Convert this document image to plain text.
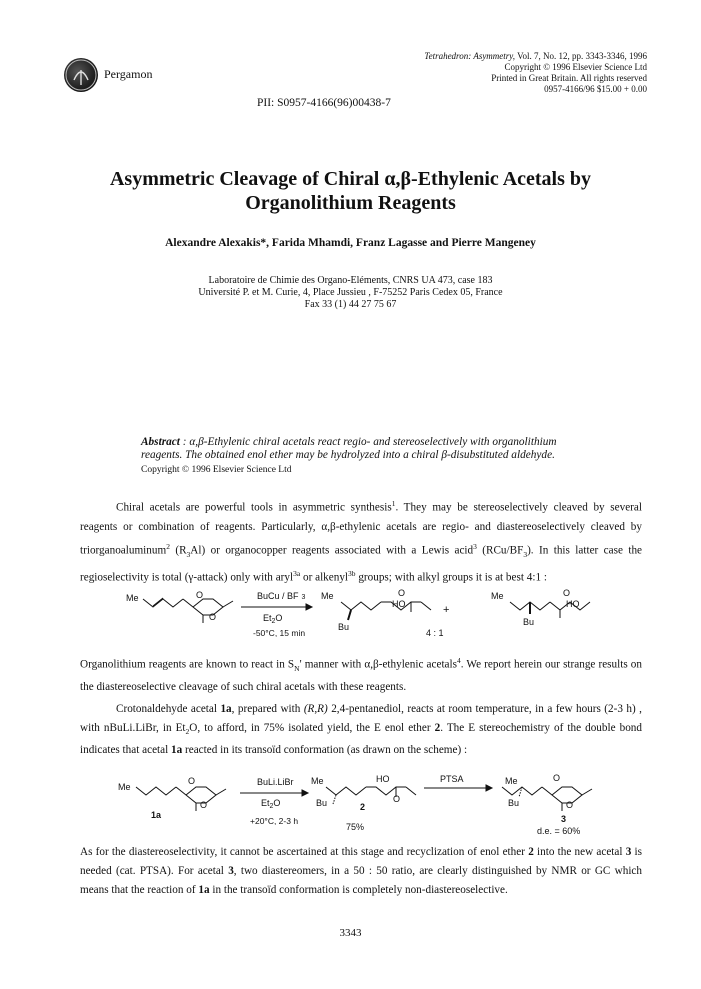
Pergamon
Tetrahedron: Asymmetry, Vol. 7, No. 12, pp. 3343-3346, 1996
Copyright © 1996 Elsevier Science Ltd
Printed in Great Britain. All rights reserved
0957-4166/96 $15.00 + 0.00
PII: S0957-4166(96)00438-7
Asymmetric Cleavage of Chiral α,β-Ethylenic Acetals by
Organolithium Reagents
Alexandre Alexakis*, Farida Mhamdi, Franz Lagasse and Pierre Mangeney
Laboratoire de Chimie des Organo-Eléments, CNRS UA 473, case 183
Université P. et M. Curie, 4, Place Jussieu , F-75252 Paris Cedex 05, France
Fax 33 (1) 44 27 75 67
Abstract : α,β-Ethylenic chiral acetals react regio- and stereoselectively with organolithium reagents. The obtained enol ether may be hydrolyzed into a chiral β-disubstituted aldehyde. Copyright © 1996 Elsevier Science Ltd
Chiral acetals are powerful tools in asymmetric synthesis$^1$. They may be stereoselectively cleaved by several reagents or combination of reagents. Particularly, α,β-ethylenic acetals are regio- and diastereoselectively cleaved by triorganoaluminum$^2$ $(R_3Al)$ or organocopper reagents associated with a Lewis acid$^3$ $(RCu/BF_3)$. In this latter case the regioselectivity is total (γ-attack) only with aryl$^{3a}$ or alkenyl$^{3b}$ groups; with alkyl groups it is at best 4:1 :
Me	O
O
BuCu / BF 3
$Et_2O$
-50°C, 15 min
Me
HO
O
Bu
+
4 : 1
Me	O
HO
Bu
Organolithium reagents are known to react in $S_N'$ manner with α,β-ethylenic acetals$^4$. We report herein our strange results on the diastereoselective cleavage of such chiral acetals with these reagents.
Crotonaldehyde acetal 1a, prepared with (R,R) 2,4-pentanediol, reacts at room temperature, in a few hours (2-3 h) , with nBuLi.LiBr, in $Et_2O$, to afford, in 75% isolated yield, the E enol ether 2. The E stereochemistry of the double bond indicates that acetal 1a reacted in its transoïd conformation (as drawn on the scheme) :
Me
O
O
1a
BuLi.LiBr
$Et_2O$
+20°C, 2-3 h
Me	HO
O
Bu	2
75%
PTSA	Me	O
O
Bu
3
d.e. = 60%
As for the diastereoselectivity, it cannot be ascertained at this stage and recyclization of enol ether 2 into the new acetal 3 is needed (cat. PTSA). For acetal 3, two diastereomers, in a 50 : 50 ratio, are clearly distinguished by NMR or GC which means that the reaction of 1a in the transoïd conformation is completely non-diastereoselective.
3343
